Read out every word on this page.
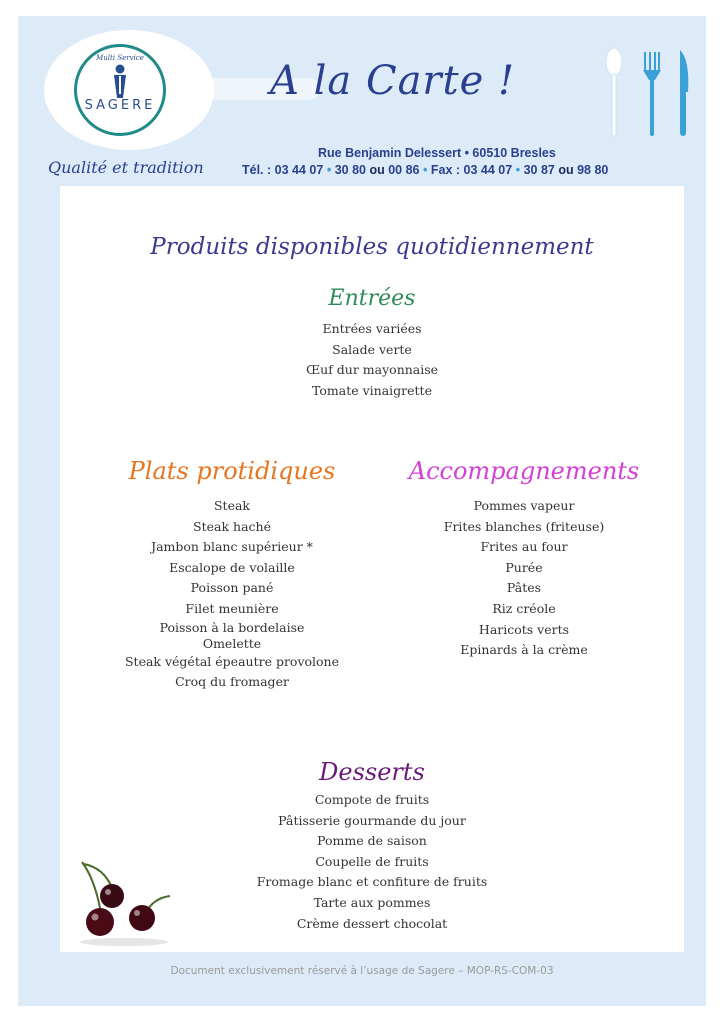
Multi Service
SAGERE
A la Carte !
Qualité et tradition
Rue Benjamin Delessert • 60510 Bresles
Tél. : 03 44 07 • 30 80 ou 00 86 • Fax : 03 44 07 • 30 87 ou 98 80
Produits disponibles quotidiennement
Entrées
Entrées variées
Salade verte
Œuf dur mayonnaise
Tomate vinaigrette
Plats protidiques
Steak
Steak haché
Jambon blanc supérieur *
Escalope de volaille
Poisson pané
Filet meunière
Poisson à la bordelaise
Omelette
Steak végétal épeautre provolone
Croq du fromager
Accompagnements
Pommes vapeur
Frites blanches (friteuse)
Frites au four
Purée
Pâtes
Riz créole
Haricots verts
Epinards à la crème
Desserts
Compote de fruits
Pâtisserie gourmande du jour
Pomme de saison
Coupelle de fruits
Fromage blanc et confiture de fruits
Tarte aux pommes
Crème dessert chocolat
Document exclusivement réservé à l’usage de Sagere – MOP-RS-COM-03
